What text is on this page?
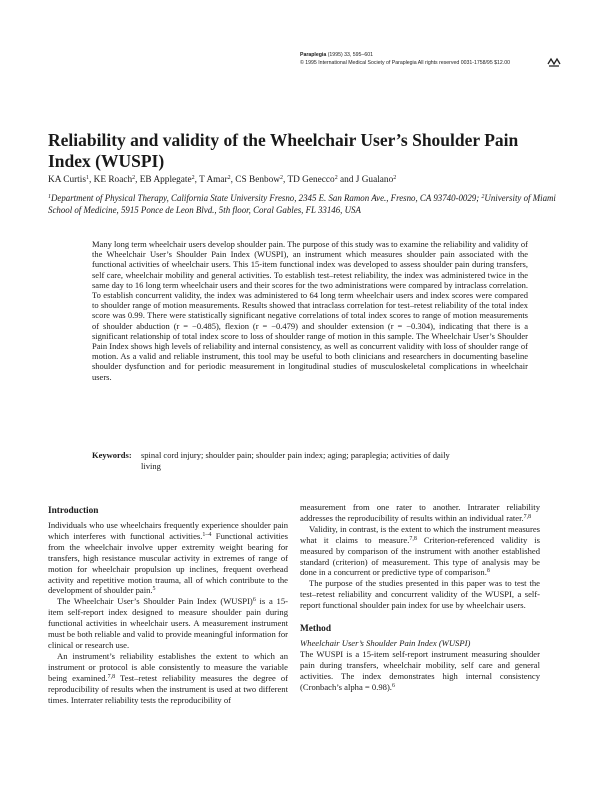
Paraplegia (1995) 33, 595–601
© 1995 International Medical Society of Paraplegia All rights reserved 0031-1758/95 $12.00
Reliability and validity of the Wheelchair User’s Shoulder Pain Index (WUSPI)
KA Curtis$^1$, KE Roach$^2$, EB Applegate$^2$, T Amar$^2$, CS Benbow$^2$, TD Genecco$^2$ and J Gualano$^2$
$^1$Department of Physical Therapy, California State University Fresno, 2345 E. San Ramon Ave., Fresno, CA 93740-0029; $^2$University of Miami School of Medicine, 5915 Ponce de Leon Blvd., 5th floor, Coral Gables, FL 33146, USA
Many long term wheelchair users develop shoulder pain. The purpose of this study was to examine the reliability and validity of the Wheelchair User’s Shoulder Pain Index (WUSPI), an instrument which measures shoulder pain associated with the functional activities of wheelchair users. This 15-item functional index was developed to assess shoulder pain during transfers, self care, wheelchair mobility and general activities. To establish test–retest reliability, the index was administered twice in the same day to 16 long term wheelchair users and their scores for the two administrations were compared by intraclass correlation. To establish concurrent validity, the index was administered to 64 long term wheelchair users and index scores were compared to shoulder range of motion measurements. Results showed that intraclass correlation for test–retest reliability of the total index score was 0.99. There were statistically significant negative correlations of total index scores to range of motion measurements of shoulder abduction (r = −0.485), flexion (r = −0.479) and shoulder extension (r = −0.304), indicating that there is a significant relationship of total index score to loss of shoulder range of motion in this sample. The Wheelchair User’s Shoulder Pain Index shows high levels of reliability and internal consistency, as well as concurrent validity with loss of shoulder range of motion. As a valid and reliable instrument, this tool may be useful to both clinicians and researchers in documenting baseline shoulder dysfunction and for periodic measurement in longitudinal studies of musculoskeletal complications in wheelchair users.
Keywords: spinal cord injury; shoulder pain; shoulder pain index; aging; paraplegia; activities of daily living
Introduction

Individuals who use wheelchairs frequently experience shoulder pain which interferes with functional activities.$^{1-4}$ Functional activities from the wheelchair involve upper extremity weight bearing for transfers, high resistance muscular activity in extremes of range of motion for wheelchair propulsion up inclines, frequent overhead activity and repetitive motion trauma, all of which contribute to the development of shoulder pain.$^5$

The Wheelchair User’s Shoulder Pain Index (WUSPI)$^6$ is a 15-item self-report index designed to measure shoulder pain during functional activities in wheelchair users. A measurement instrument must be both reliable and valid to provide meaningful information for clinical or research use.

An instrument’s reliability establishes the extent to which an instrument or protocol is able consistently to measure the variable being examined.$^{7,8}$ Test–retest reliability measures the degree of reproducibility of results when the instrument is used at two different times. Interrater reliability tests the reproducibility of

measurement from one rater to another. Intrarater reliability addresses the reproducibility of results within an individual rater.$^{7,8}$

Validity, in contrast, is the extent to which the instrument measures what it claims to measure.$^{7,8}$ Criterion-referenced validity is measured by comparison of the instrument with another established standard (criterion) of measurement. This type of analysis may be done in a concurrent or predictive type of comparison.$^8$

The purpose of the studies presented in this paper was to test the test–retest reliability and concurrent validity of the WUSPI, a self-report functional shoulder pain index for use by wheelchair users.

Method

Wheelchair User’s Shoulder Pain Index (WUSPI)

The WUSPI is a 15-item self-report instrument measuring shoulder pain during transfers, wheelchair mobility, self care and general activities. The index demonstrates high internal consistency (Cronbach’s alpha = 0.98).$^6$
